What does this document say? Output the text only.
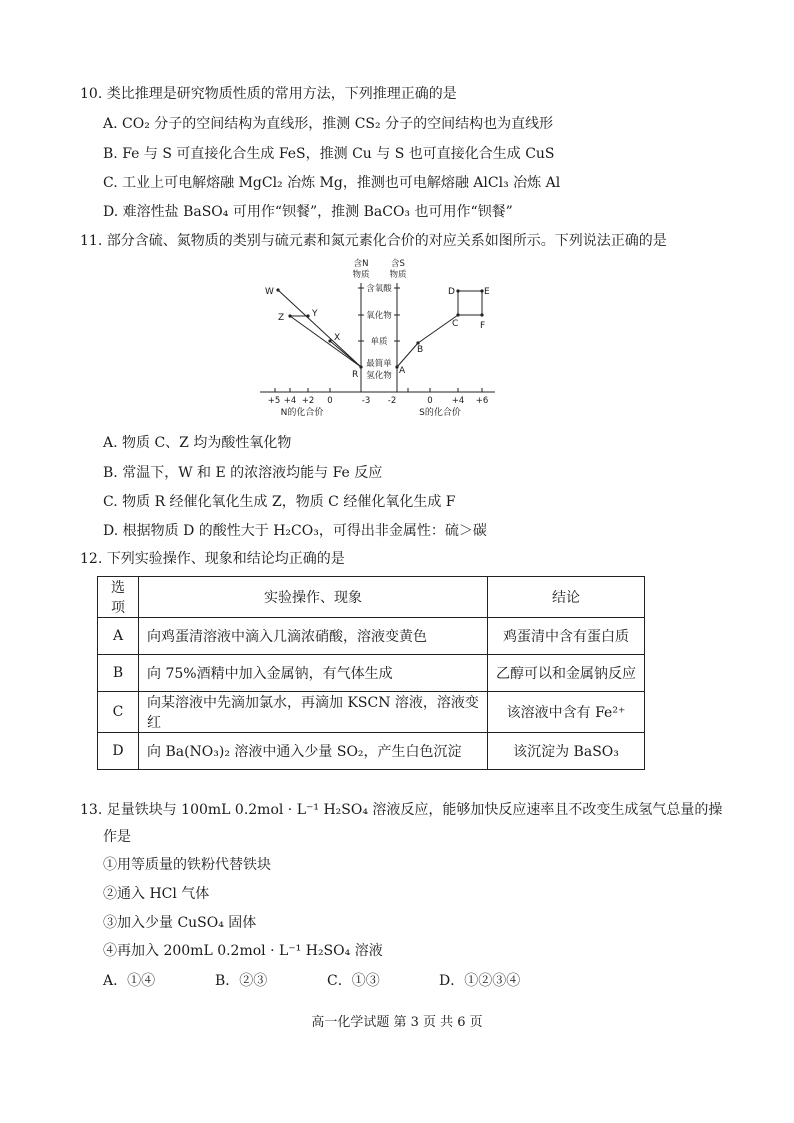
10. 类比推理是研究物质性质的常用方法，下列推理正确的是
A. CO₂ 分子的空间结构为直线形，推测 CS₂ 分子的空间结构也为直线形
B. Fe 与 S 可直接化合生成 FeS，推测 Cu 与 S 也可直接化合生成 CuS
C. 工业上可电解熔融 MgCl₂ 冶炼 Mg，推测也可电解熔融 AlCl₃ 冶炼 Al
D. 难溶性盐 BaSO₄ 可用作“钡餐”，推测 BaCO₃ 也可用作“钡餐”
11. 部分含硫、氮物质的类别与硫元素和氮元素化合价的对应关系如图所示。下列说法正确的是
含N
物质
含S
物质
含氧酸
氧化物
单质
最简单
氢化物
+5 +4 +2 0	-3 -2	0 +4 +6
N的化合价	S的化合价
W
Z	Y
X
R	A
B
C
D	E
F
A. 物质 C、Z 均为酸性氧化物
B. 常温下，W 和 E 的浓溶液均能与 Fe 反应
C. 物质 R 经催化氧化生成 Z，物质 C 经催化氧化生成 F
D. 根据物质 D 的酸性大于 H₂CO₃，可得出非金属性：硫＞碳
12. 下列实验操作、现象和结论均正确的是
选项	实验操作、现象	结论
A	向鸡蛋清溶液中滴入几滴浓硝酸，溶液变黄色	鸡蛋清中含有蛋白质
B	向 75%酒精中加入金属钠，有气体生成	乙醇可以和金属钠反应
C	向某溶液中先滴加氯水，再滴加 KSCN 溶液，溶液变红	该溶液中含有 Fe²⁺
D	向 Ba(NO₃)₂ 溶液中通入少量 SO₂，产生白色沉淀	该沉淀为 BaSO₃
13. 足量铁块与 100mL 0.2mol · L⁻¹ H₂SO₄ 溶液反应，能够加快反应速率且不改变生成氢气总量的操
作是
①用等质量的铁粉代替铁块
②通入 HCl 气体
③加入少量 CuSO₄ 固体
④再加入 200mL 0.2mol · L⁻¹ H₂SO₄ 溶液
A．①④	B．②③	C．①③	D．①②③④
高一化学试题 第 3 页 共 6 页
